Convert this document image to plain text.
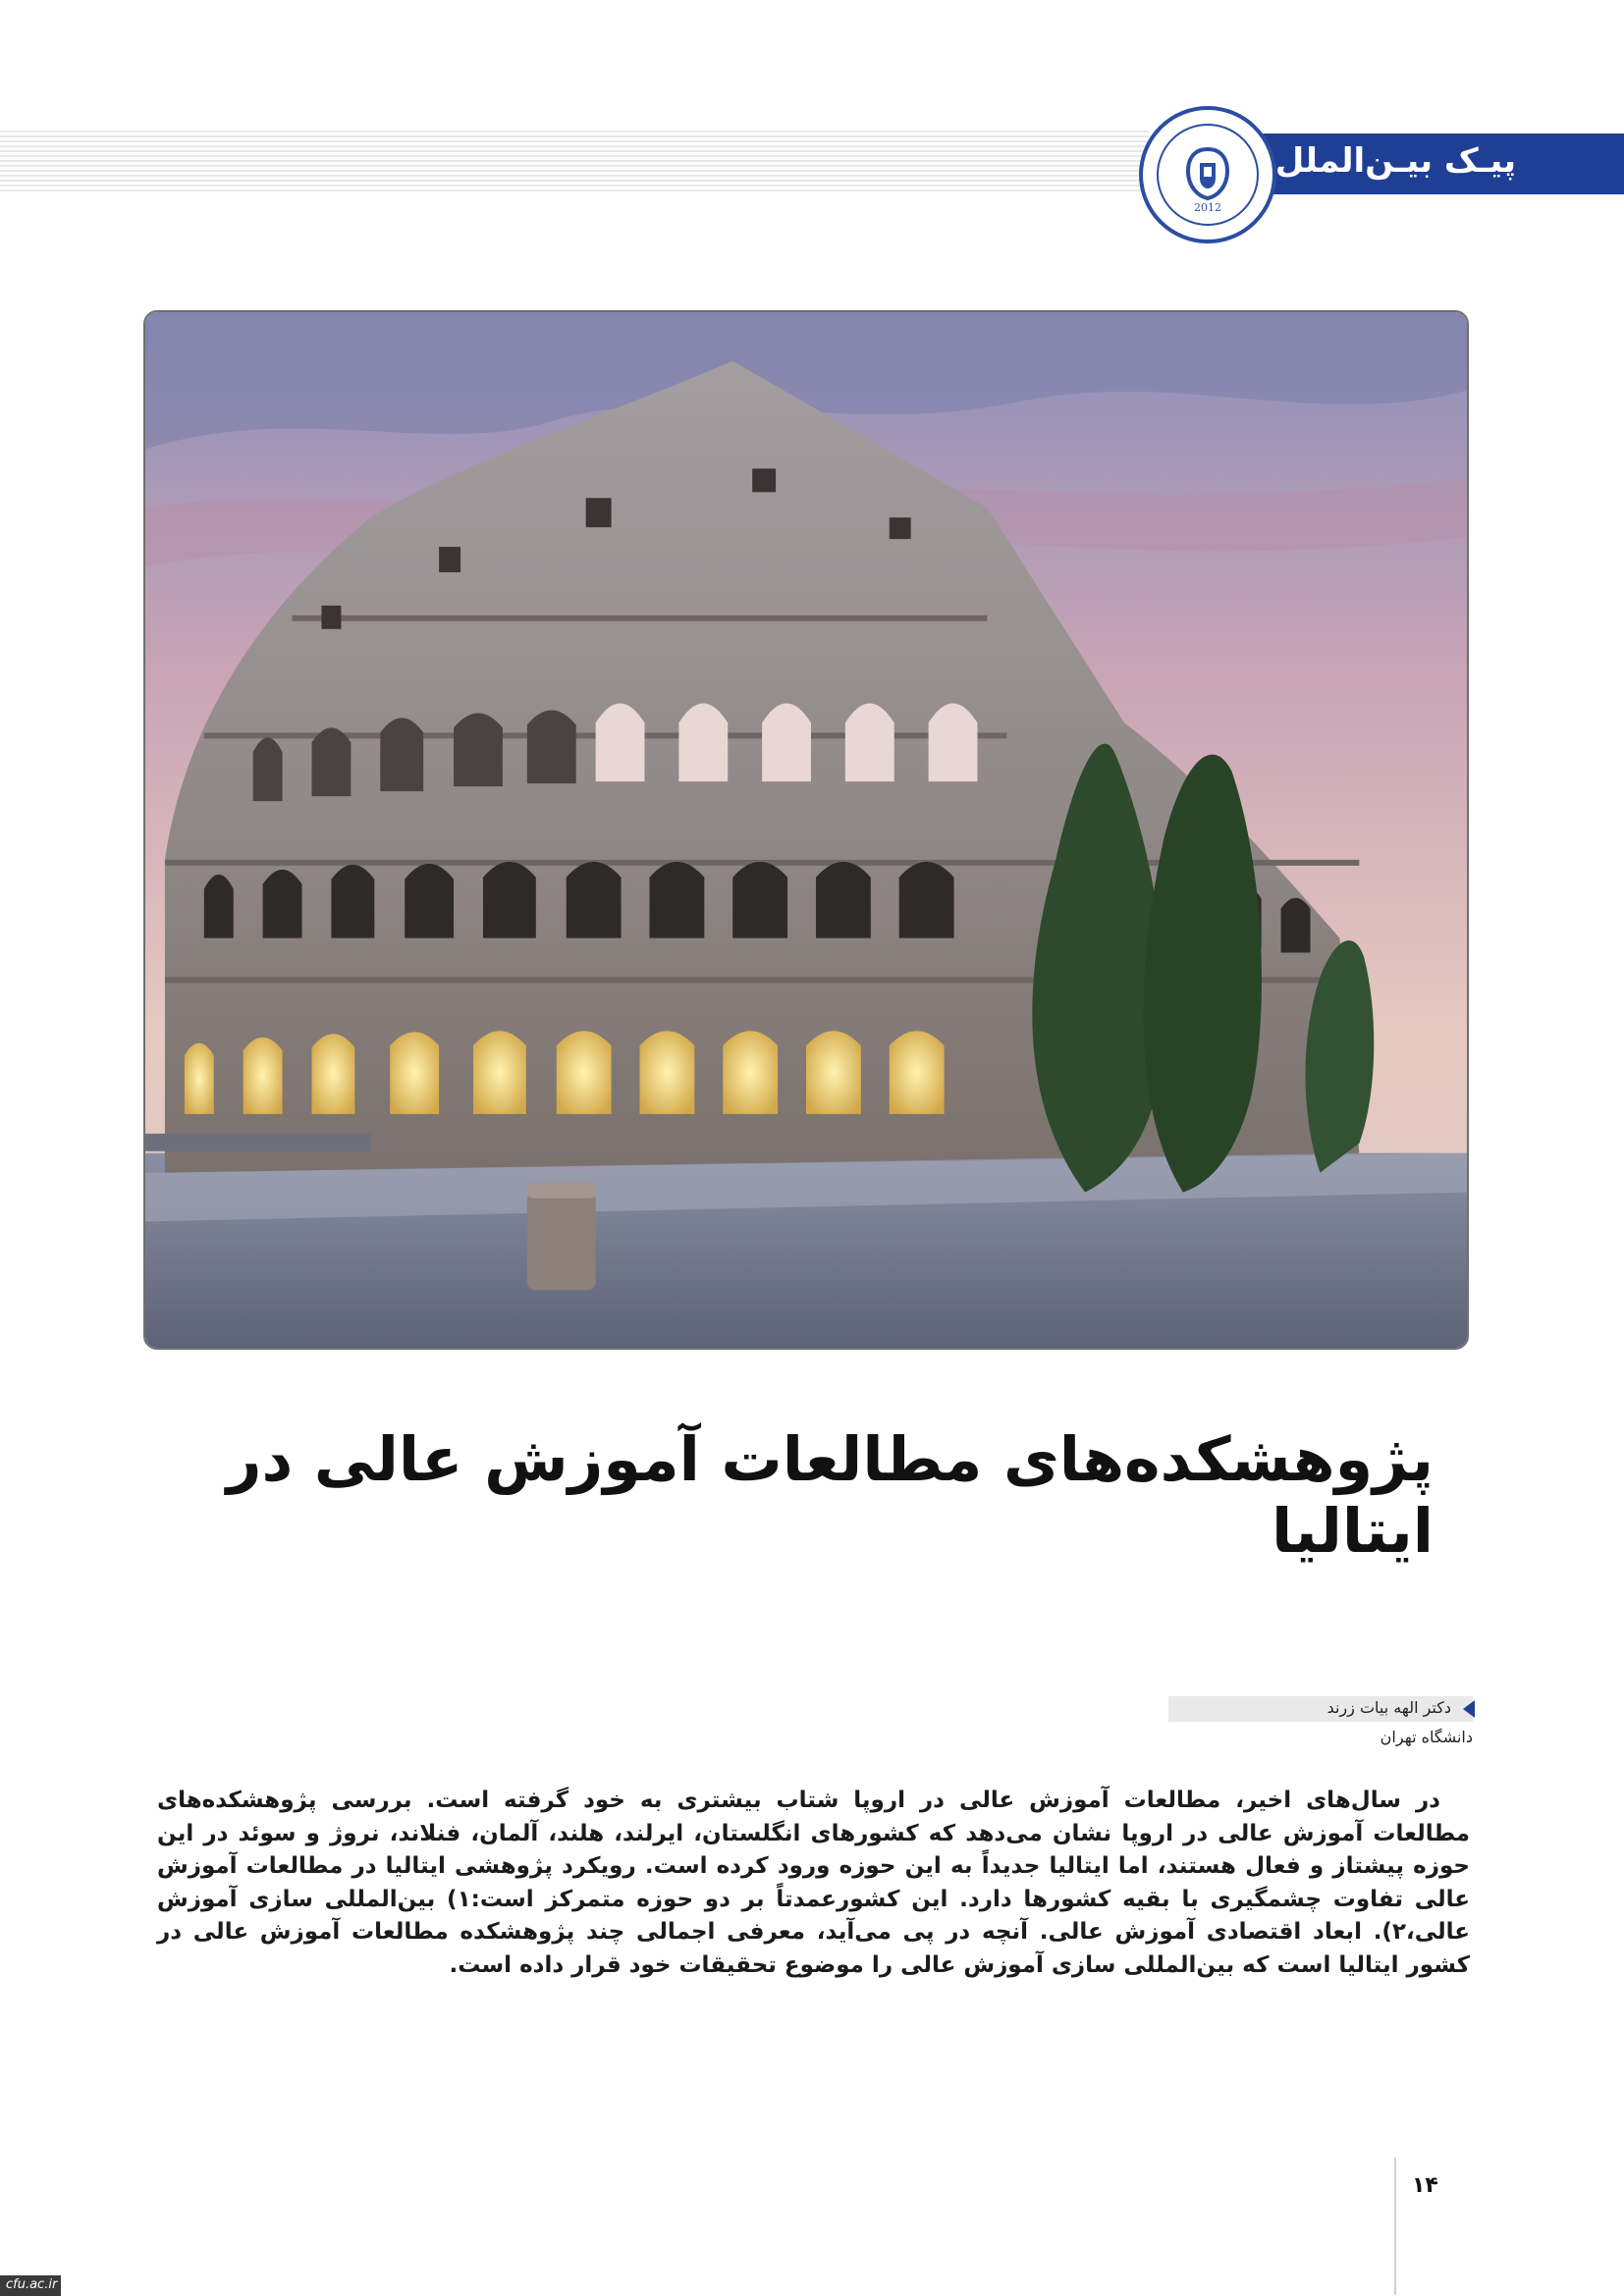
پیـک بیـن‌الملل
2012
پژوهشکده‌های مطالعات آموزش عالی در ایتالیا
دکتر الهه بیات زرند
دانشگاه تهران

در سال‌های اخیر، مطالعات آموزش عالی در اروپا شتاب بیشتری به خود گرفته است. بررسی پژوهشکده‌های مطالعات آموزش عالی در اروپا نشان می‌دهد که کشورهای انگلستان، ایرلند، هلند، آلمان، فنلاند، نروژ و سوئد در این حوزه پیشتاز و فعال هستند، اما ایتالیا جدیداً به این حوزه ورود کرده است. رویکرد پژوهشی ایتالیا در مطالعات آموزش عالی تفاوت چشمگیری با بقیه کشورها دارد. این کشورعمدتاً بر دو حوزه متمرکز است:۱) بین‌المللی سازی آموزش عالی،۲). ابعاد اقتصادی آموزش عالی. آنچه در پی می‌آید، معرفی اجمالی چند پژوهشکده مطالعات آموزش عالی در کشور ایتالیا است که بین‌المللی سازی آموزش عالی را موضوع تحقیقات خود قرار داده است.

۱۴
cfu.ac.ir
